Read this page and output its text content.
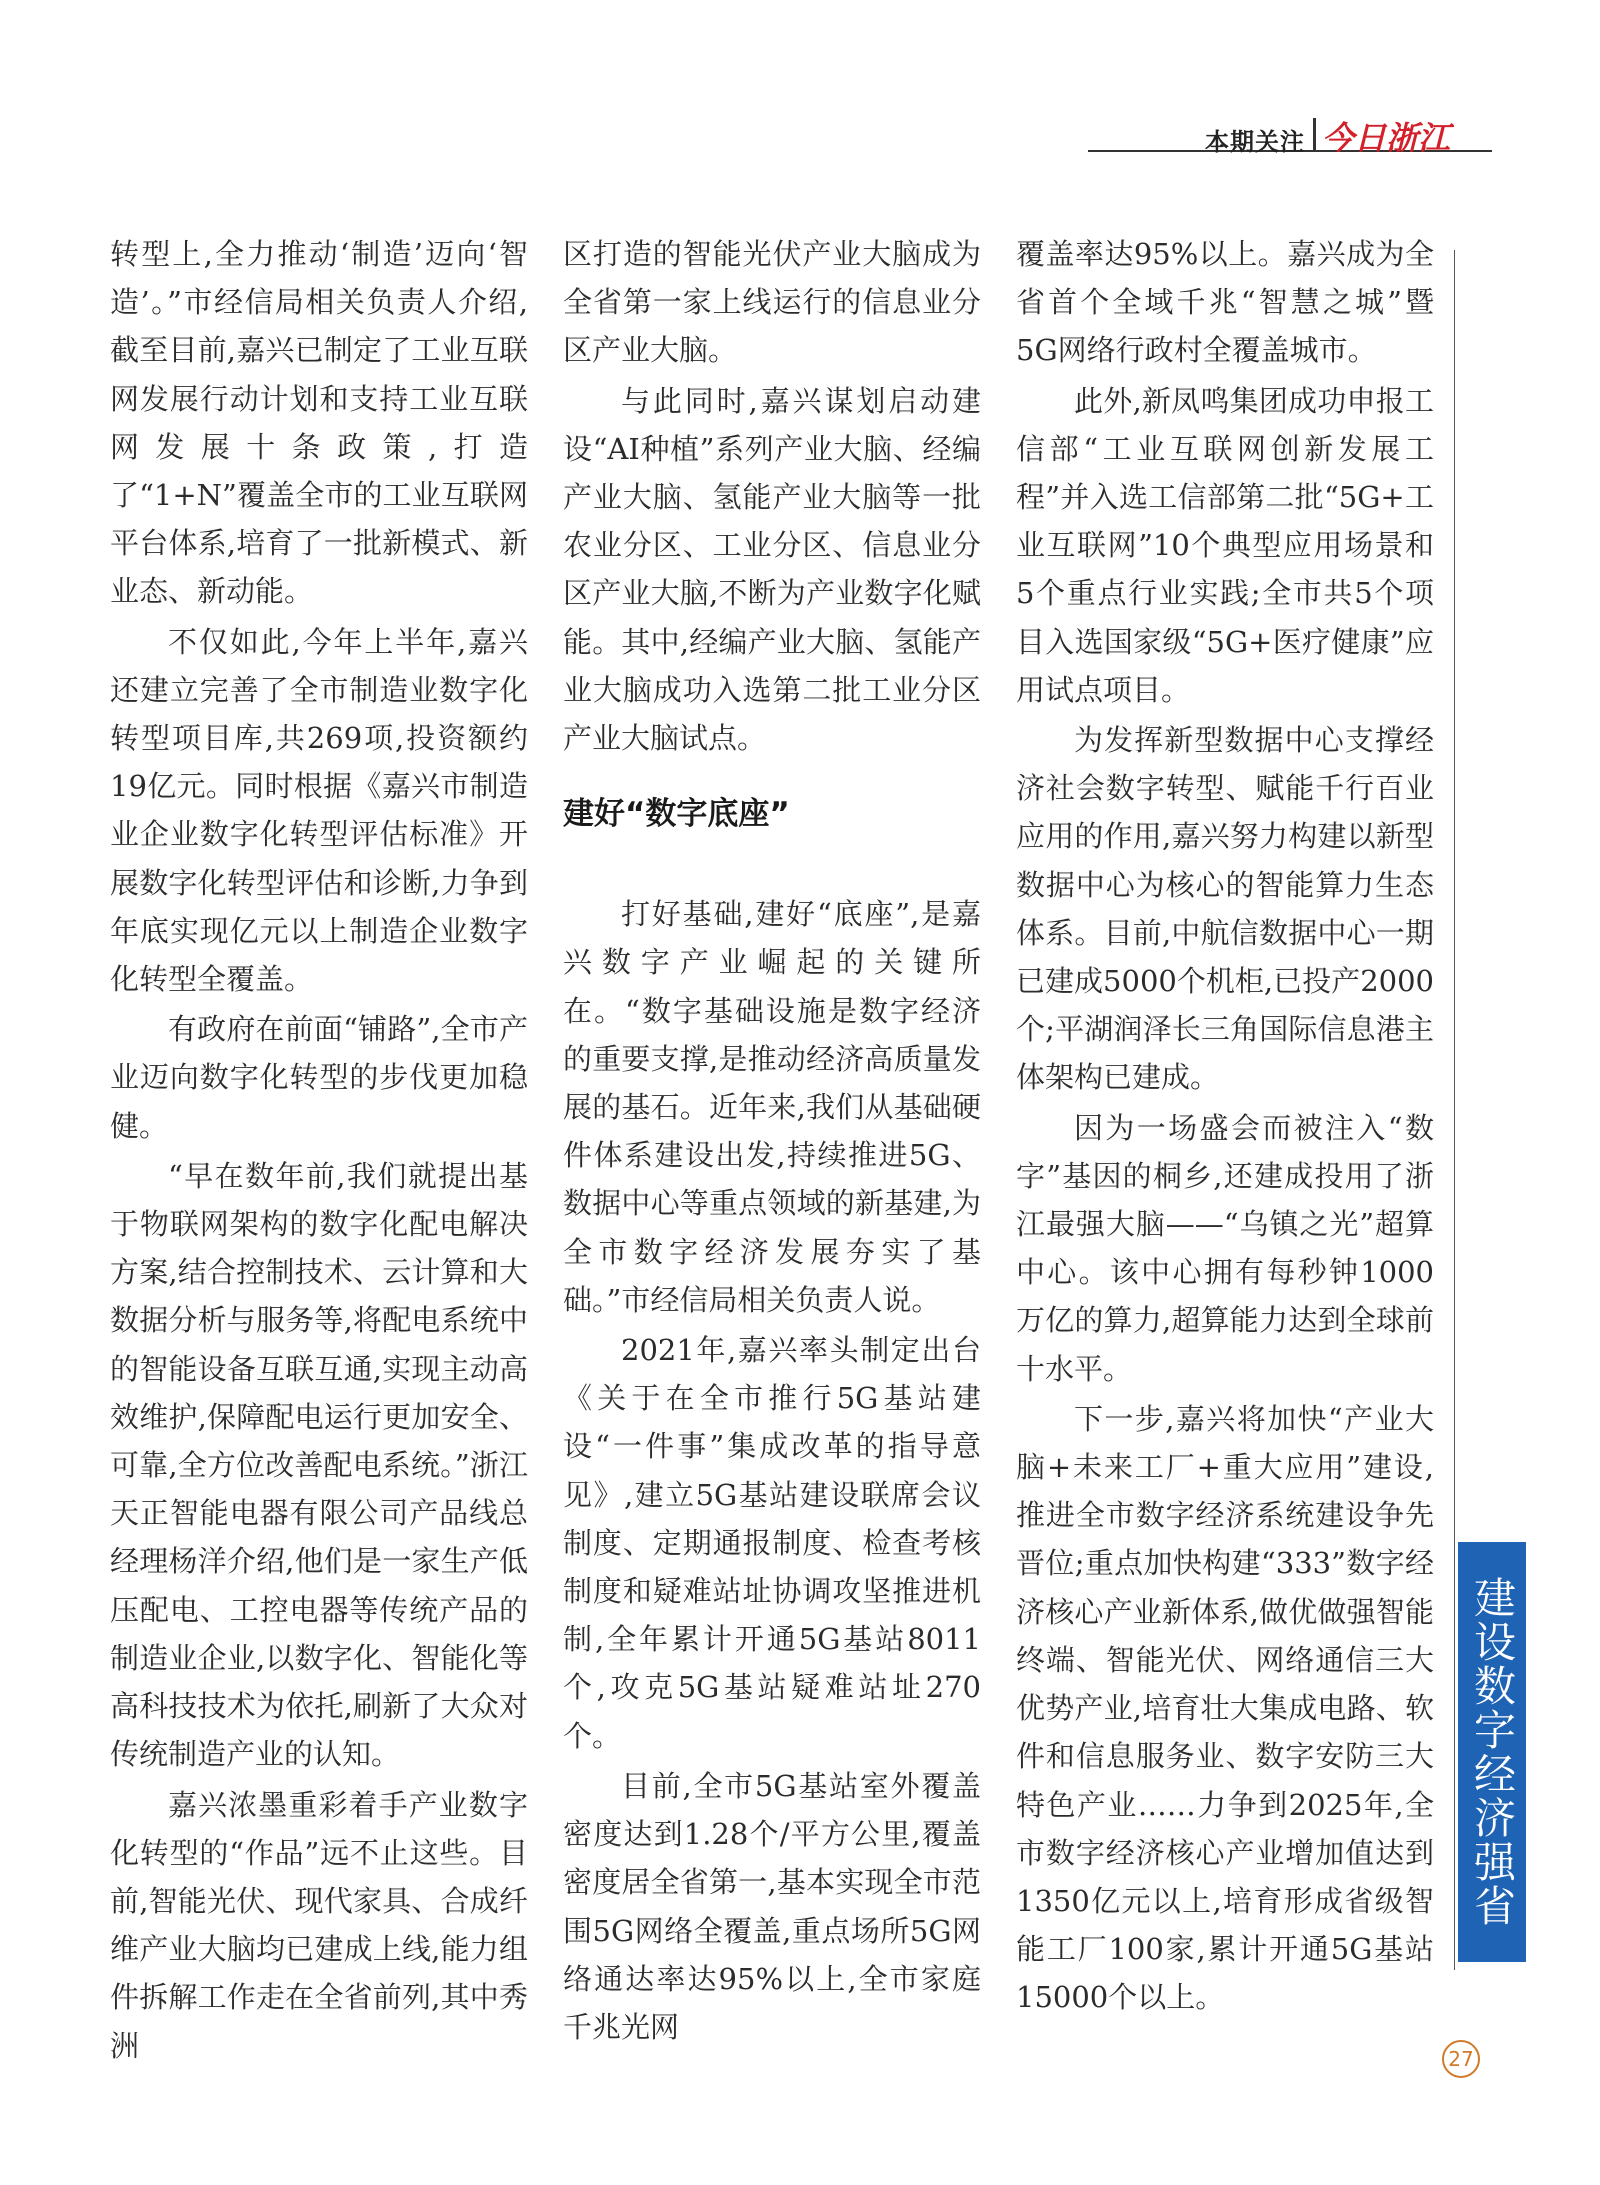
本期关注 今日浙江

转型上,全力推动‘制造’迈向‘智造’。”市经信局相关负责人介绍,截至目前,嘉兴已制定了工业互联网发展行动计划和支持工业互联网发展十条政策,打造了“1+N”覆盖全市的工业互联网平台体系,培育了一批新模式、新业态、新动能。

不仅如此,今年上半年,嘉兴还建立完善了全市制造业数字化转型项目库,共269项,投资额约19亿元。同时根据《嘉兴市制造业企业数字化转型评估标准》开展数字化转型评估和诊断,力争到年底实现亿元以上制造企业数字化转型全覆盖。

有政府在前面“铺路”,全市产业迈向数字化转型的步伐更加稳健。

“早在数年前,我们就提出基于物联网架构的数字化配电解决方案,结合控制技术、云计算和大数据分析与服务等,将配电系统中的智能设备互联互通,实现主动高效维护,保障配电运行更加安全、可靠,全方位改善配电系统。”浙江天正智能电器有限公司产品线总经理杨洋介绍,他们是一家生产低压配电、工控电器等传统产品的制造业企业,以数字化、智能化等高科技技术为依托,刷新了大众对传统制造产业的认知。

嘉兴浓墨重彩着手产业数字化转型的“作品”远不止这些。目前,智能光伏、现代家具、合成纤维产业大脑均已建成上线,能力组件拆解工作走在全省前列,其中秀洲

区打造的智能光伏产业大脑成为全省第一家上线运行的信息业分区产业大脑。

与此同时,嘉兴谋划启动建设“AI种植”系列产业大脑、经编产业大脑、氢能产业大脑等一批农业分区、工业分区、信息业分区产业大脑,不断为产业数字化赋能。其中,经编产业大脑、氢能产业大脑成功入选第二批工业分区产业大脑试点。

建好“数字底座”

打好基础,建好“底座”,是嘉兴数字产业崛起的关键所在。“数字基础设施是数字经济的重要支撑,是推动经济高质量发展的基石。近年来,我们从基础硬件体系建设出发,持续推进5G、数据中心等重点领域的新基建,为全市数字经济发展夯实了基础。”市经信局相关负责人说。

2021年,嘉兴率头制定出台《关于在全市推行5G基站建设“一件事”集成改革的指导意见》,建立5G基站建设联席会议制度、定期通报制度、检查考核制度和疑难站址协调攻坚推进机制,全年累计开通5G基站8011个,攻克5G基站疑难站址270个。

目前,全市5G基站室外覆盖密度达到1.28个/平方公里,覆盖密度居全省第一,基本实现全市范围5G网络全覆盖,重点场所5G网络通达率达95%以上,全市家庭千兆光网

覆盖率达95%以上。嘉兴成为全省首个全域千兆“智慧之城”暨5G网络行政村全覆盖城市。

此外,新凤鸣集团成功申报工信部“工业互联网创新发展工程”并入选工信部第二批“5G+工业互联网”10个典型应用场景和5个重点行业实践;全市共5个项目入选国家级“5G+医疗健康”应用试点项目。

为发挥新型数据中心支撑经济社会数字转型、赋能千行百业应用的作用,嘉兴努力构建以新型数据中心为核心的智能算力生态体系。目前,中航信数据中心一期已建成5000个机柜,已投产2000个;平湖润泽长三角国际信息港主体架构已建成。

因为一场盛会而被注入“数字”基因的桐乡,还建成投用了浙江最强大脑——“乌镇之光”超算中心。该中心拥有每秒钟1000万亿的算力,超算能力达到全球前十水平。

下一步,嘉兴将加快“产业大脑+未来工厂+重大应用”建设,推进全市数字经济系统建设争先晋位;重点加快构建“333”数字经济核心产业新体系,做优做强智能终端、智能光伏、网络通信三大优势产业,培育壮大集成电路、软件和信息服务业、数字安防三大特色产业……力争到2025年,全市数字经济核心产业增加值达到1350亿元以上,培育形成省级智能工厂100家,累计开通5G基站15000个以上。

建设数字经济强省
27
